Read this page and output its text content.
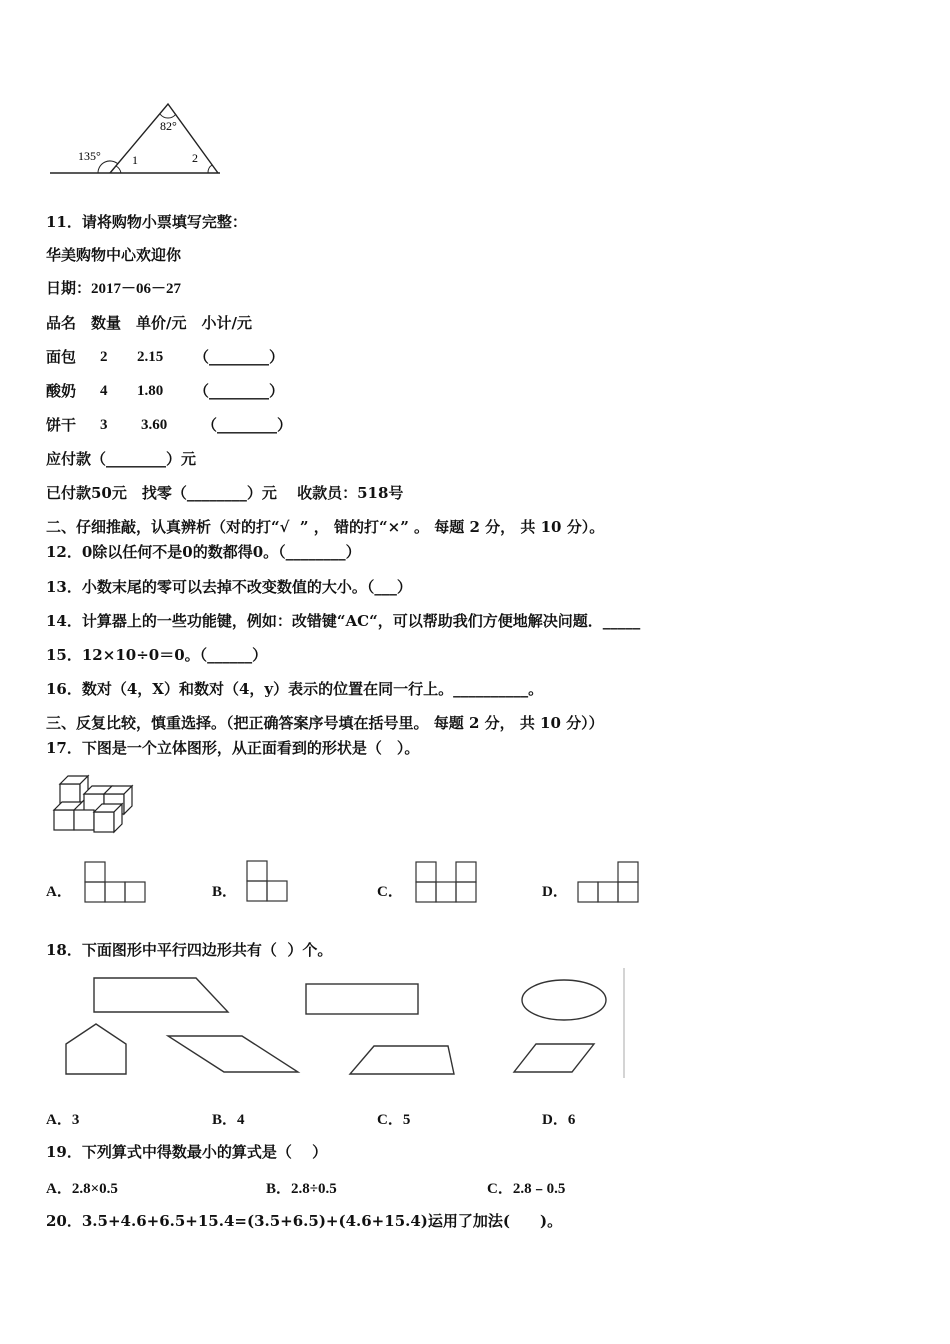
82°
135°	1	2
11．请将购物小票填写完整：
华美购物中心欢迎你
日期：2017－06－27
品名　数量　单价/元　小计/元
面包 2 2.15 （________）
酸奶 4 1.80 （________）
饼干 3 3.60 （________）
应付款（________）元
已付款50元　找零（________）元　 收款员：518号
二、仔细推敲，认真辨析（对的打“√  ” ， 错的打“×” 。 每题 2 分， 共 10 分）。
12．0除以任何不是0的数都得0。（________）
13．小数末尾的零可以去掉不改变数值的大小。（___）
14．计算器上的一些功能键，例如：改错键“AC“，可以帮助我们方便地解决问题．_____
15．12×10÷0＝0。（______）
16．数对（4，X）和数对（4，y）表示的位置在同一行上。__________。
三、反复比较，慎重选择。（把正确答案序号填在括号里。 每题 2 分， 共 10 分））
17．下图是一个立体图形，从正面看到的形状是（　）。
A．	B．	C．	D．
18．下面图形中平行四边形共有（  ）个。
A．3	B．4	C．5	D．6
19．下列算式中得数最小的算式是（　 ）
A．2.8×0.5	B．2.8÷0.5	C．2.8﹣0.5
20．3.5+4.6+6.5+15.4=(3.5+6.5)+(4.6+15.4)运用了加法(　　)。
